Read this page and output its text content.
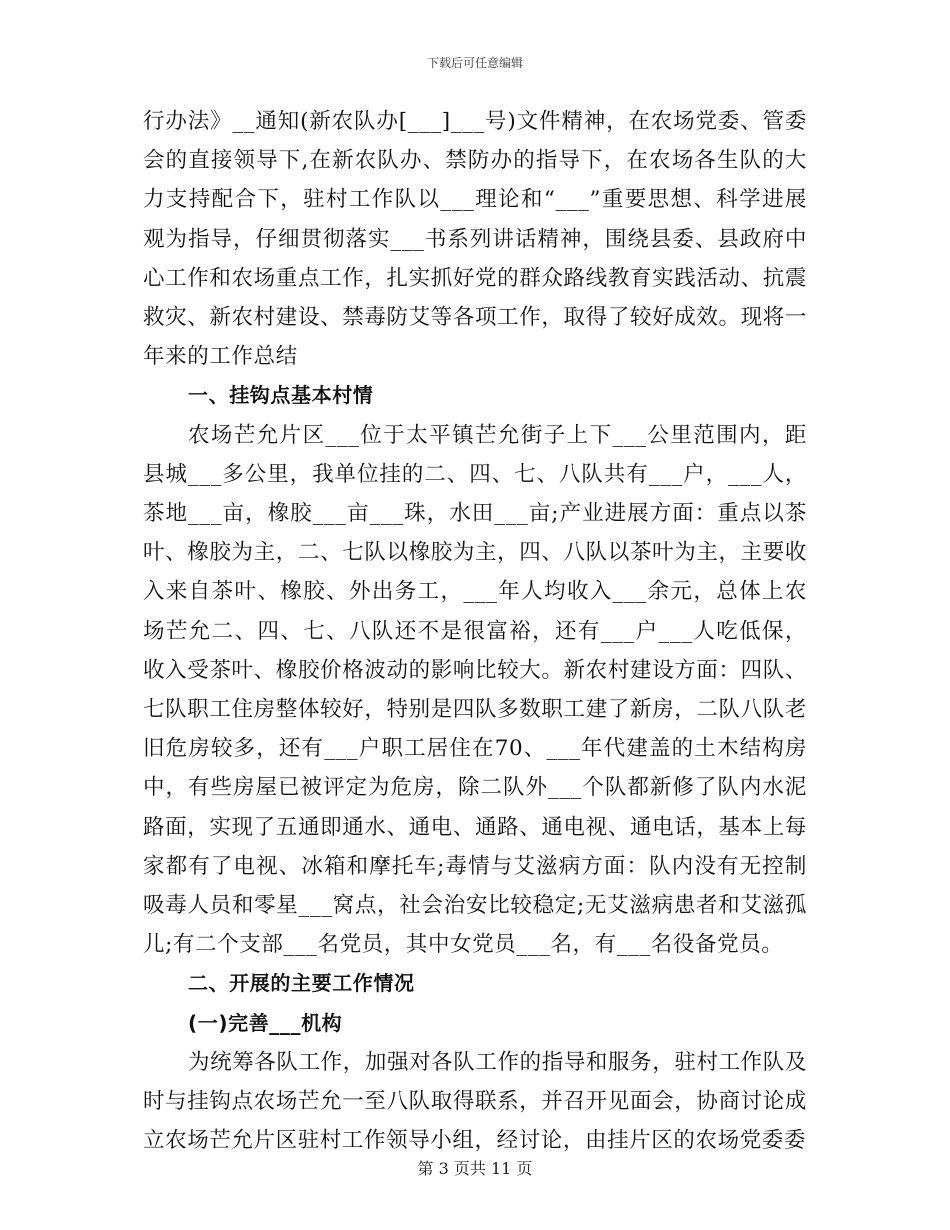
下载后可任意编辑

行办法》__通知(新农队办[___]___号)文件精神，在农场党委、管委会的直接领导下,在新农队办、禁防办的指导下，在农场各生队的大力支持配合下，驻村工作队以___理论和“___”重要思想、科学进展观为指导，仔细贯彻落实___书系列讲话精神，围绕县委、县政府中心工作和农场重点工作，扎实抓好党的群众路线教育实践活动、抗震救灾、新农村建设、禁毒防艾等各项工作，取得了较好成效。现将一年来的工作总结

一、挂钩点基本村情

农场芒允片区___位于太平镇芒允街子上下___公里范围内，距县城___多公里，我单位挂的二、四、七、八队共有___户，___人，茶地___亩，橡胶___亩___珠，水田___亩;产业进展方面：重点以茶叶、橡胶为主，二、七队以橡胶为主，四、八队以茶叶为主，主要收入来自茶叶、橡胶、外出务工，___年人均收入___余元，总体上农场芒允二、四、七、八队还不是很富裕，还有___户___人吃低保，收入受茶叶、橡胶价格波动的影响比较大。新农村建设方面：四队、七队职工住房整体较好，特别是四队多数职工建了新房，二队八队老旧危房较多，还有___户职工居住在70、___年代建盖的土木结构房中，有些房屋已被评定为危房，除二队外___个队都新修了队内水泥路面，实现了五通即通水、通电、通路、通电视、通电话，基本上每家都有了电视、冰箱和摩托车;毒情与艾滋病方面：队内没有无控制吸毒人员和零星___窝点，社会治安比较稳定;无艾滋病患者和艾滋孤儿;有二个支部___名党员，其中女党员___名，有___名役备党员。

二、开展的主要工作情况

(一)完善___机构

为统筹各队工作，加强对各队工作的指导和服务，驻村工作队及时与挂钩点农场芒允一至八队取得联系，并召开见面会，协商讨论成立农场芒允片区驻村工作领导小组，经讨论，由挂片区的农场党委委

第 3 页共 11 页
